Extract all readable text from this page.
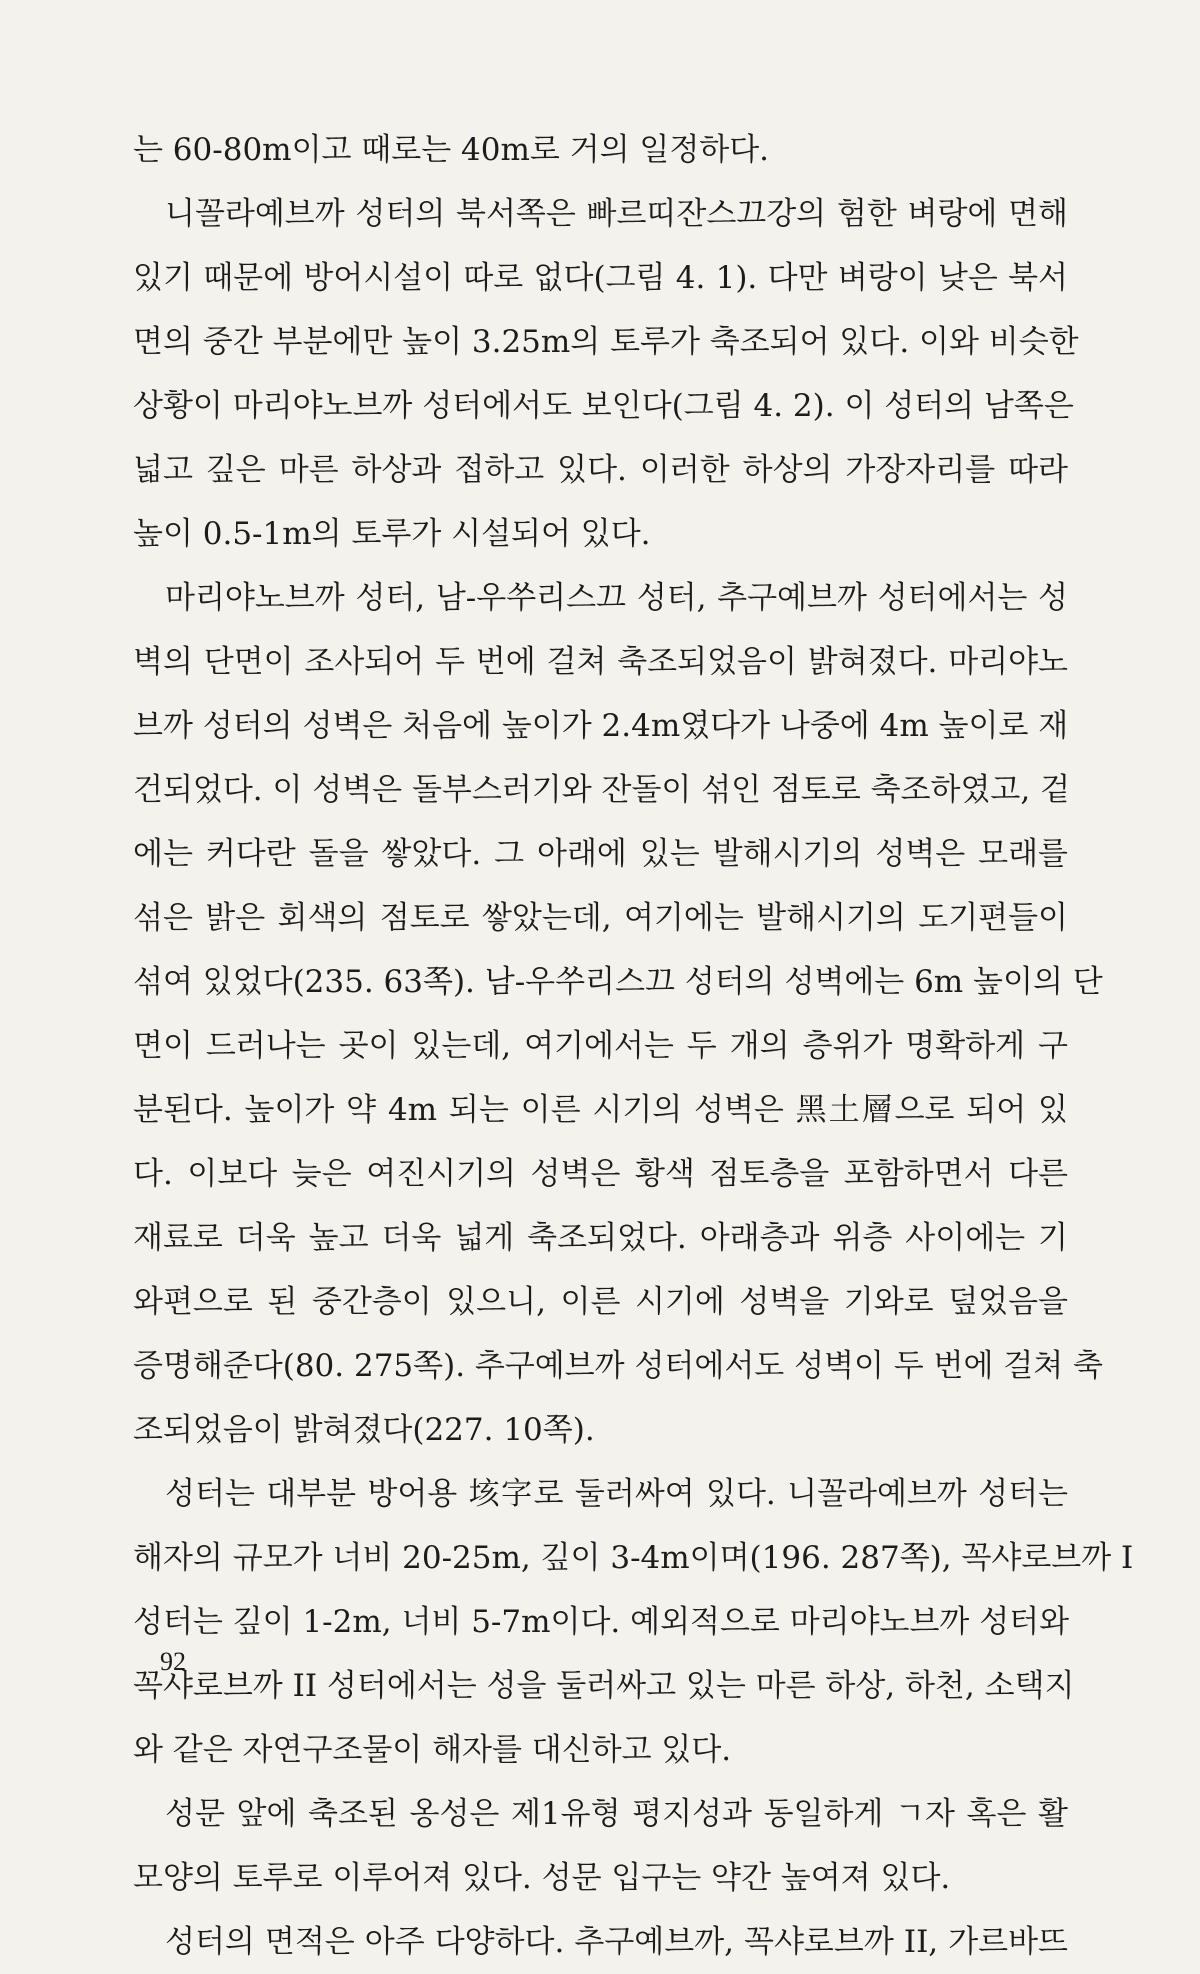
는 60-80m이고 때로는 40m로 거의 일정하다.
니꼴라예브까 성터의 북서쪽은 빠르띠잔스끄강의 험한 벼랑에 면해
있기 때문에 방어시설이 따로 없다(그림 4. 1). 다만 벼랑이 낮은 북서
면의 중간 부분에만 높이 3.25m의 토루가 축조되어 있다. 이와 비슷한
상황이 마리야노브까 성터에서도 보인다(그림 4. 2). 이 성터의 남쪽은
넓고 깊은 마른 하상과 접하고 있다. 이러한 하상의 가장자리를 따라
높이 0.5-1m의 토루가 시설되어 있다.
마리야노브까 성터, 남-우쑤리스끄 성터, 추구예브까 성터에서는 성
벽의 단면이 조사되어 두 번에 걸쳐 축조되었음이 밝혀졌다. 마리야노
브까 성터의 성벽은 처음에 높이가 2.4m였다가 나중에 4m 높이로 재
건되었다. 이 성벽은 돌부스러기와 잔돌이 섞인 점토로 축조하였고, 겉
에는 커다란 돌을 쌓았다. 그 아래에 있는 발해시기의 성벽은 모래를
섞은 밝은 회색의 점토로 쌓았는데, 여기에는 발해시기의 도기편들이
섞여 있었다(235. 63쪽). 남-우쑤리스끄 성터의 성벽에는 6m 높이의 단
면이 드러나는 곳이 있는데, 여기에서는 두 개의 층위가 명확하게 구
분된다. 높이가 약 4m 되는 이른 시기의 성벽은 黑土層으로 되어 있
다. 이보다 늦은 여진시기의 성벽은 황색 점토층을 포함하면서 다른
재료로 더욱 높고 더욱 넓게 축조되었다. 아래층과 위층 사이에는 기
와편으로 된 중간층이 있으니, 이른 시기에 성벽을 기와로 덮었음을
증명해준다(80. 275쪽). 추구예브까 성터에서도 성벽이 두 번에 걸쳐 축
조되었음이 밝혀졌다(227. 10쪽).
성터는 대부분 방어용 垓字로 둘러싸여 있다. 니꼴라예브까 성터는
해자의 규모가 너비 20-25m, 깊이 3-4m이며(196. 287쪽), 꼭샤로브까 I
성터는 깊이 1-2m, 너비 5-7m이다. 예외적으로 마리야노브까 성터와
꼭샤로브까 II 성터에서는 성을 둘러싸고 있는 마른 하상, 하천, 소택지
와 같은 자연구조물이 해자를 대신하고 있다.
성문 앞에 축조된 옹성은 제1유형 평지성과 동일하게 ㄱ자 혹은 활
모양의 토루로 이루어져 있다. 성문 입구는 약간 높여져 있다.
성터의 면적은 아주 다양하다. 추구예브까, 꼭샤로브까 II, 가르바뜨
92
